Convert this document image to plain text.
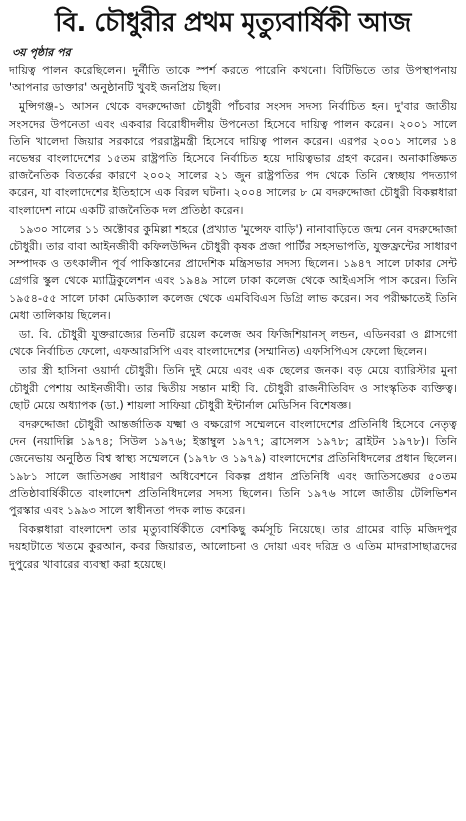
বি. চৌধুরীর প্রথম মৃত্যুবার্ষিকী আজ
৩য় পৃষ্ঠার পর

দায়িত্ব পালন করেছিলেন। দুর্নীতি তাকে স্পর্শ করতে পারেনি কখনো। বিটিভিতে তার উপস্থাপনায় 'আপনার ডাক্তার' অনুষ্ঠানটি খুবই জনপ্রিয় ছিল।

মুন্সিগঞ্জ-১ আসন থেকে বদরুদ্দোজা চৌধুরী পাঁচবার সংসদ সদস্য নির্বাচিত হন। দু'বার জাতীয় সংসদের উপনেতা এবং একবার বিরোধীদলীয় উপনেতা হিসেবে দায়িত্ব পালন করেন। ২০০১ সালে তিনি খালেদা জিয়ার সরকারে পররাষ্ট্রমন্ত্রী হিসেবে দায়িত্ব পালন করেন। এরপর ২০০১ সালের ১৪ নভেম্বর বাংলাদেশের ১৫তম রাষ্ট্রপতি হিসেবে নির্বাচিত হয়ে দায়িত্বভার গ্রহণ করেন। অনাকাঙ্ক্ষিত রাজনৈতিক বিতর্কের কারণে ২০০২ সালের ২১ জুন রাষ্ট্রপতির পদ থেকে তিনি স্বেচ্ছায় পদত্যাগ করেন, যা বাংলাদেশের ইতিহাসে এক বিরল ঘটনা। ২০০৪ সালের ৮ মে বদরুদ্দোজা চৌধুরী বিকল্পধারা বাংলাদেশ নামে একটি রাজনৈতিক দল প্রতিষ্ঠা করেন।

১৯৩০ সালের ১১ অক্টোবর কুমিল্লা শহরে (প্রখ্যাত 'মুন্সেফ বাড়ি') নানাবাড়িতে জন্ম নেন বদরুদ্দোজা চৌধুরী। তার বাবা আইনজীবী কফিলউদ্দিন চৌধুরী কৃষক প্রজা পার্টির সহসভাপতি, যুক্তফ্রন্টের সাধারণ সম্পাদক ও তৎকালীন পূর্ব পাকিস্তানের প্রাদেশিক মন্ত্রিসভার সদস্য ছিলেন। ১৯৪৭ সালে ঢাকার সেন্ট গ্রেগরি স্কুল থেকে ম্যাট্রিকুলেশন এবং ১৯৪৯ সালে ঢাকা কলেজ থেকে আইএসসি পাস করেন। তিনি ১৯৫৪-৫৫ সালে ঢাকা মেডিক্যাল কলেজ থেকে এমবিবিএস ডিগ্রি লাভ করেন। সব পরীক্ষাতেই তিনি মেধা তালিকায় ছিলেন।

ডা. বি. চৌধুরী যুক্তরাজ্যের তিনটি রয়েল কলেজ অব ফিজিশিয়ানস্ লন্ডন, এডিনবরা ও গ্লাসগো থেকে নির্বাচিত ফেলো, এফআরসিপি এবং বাংলাদেশের (সম্মানিত) এফসিপিএস ফেলো ছিলেন।

তার স্ত্রী হাসিনা ওয়ার্দা চৌধুরী। তিনি দুই মেয়ে এবং এক ছেলের জনক। বড় মেয়ে ব্যারিস্টার মুনা চৌধুরী পেশায় আইনজীবী। তার দ্বিতীয় সন্তান মাহী বি. চৌধুরী রাজনীতিবিদ ও সাংস্কৃতিক ব্যক্তিত্ব। ছোট মেয়ে অধ্যাপক (ডা.) শায়লা সাফিয়া চৌধুরী ইন্টার্নাল মেডিসিন বিশেষজ্ঞ।

বদরুদ্দোজা চৌধুরী আন্তর্জাতিক যক্ষ্মা ও বক্ষরোগ সম্মেলনে বাংলাদেশের প্রতিনিধি হিসেবে নেতৃত্ব দেন (নয়াদিল্লি ১৯৭৪; সিউল ১৯৭৬; ইস্তাম্বুল ১৯৭৭; ব্রাসেলস ১৯৭৮; ব্রাইটন ১৯৭৮)। তিনি জেনেভায় অনুষ্ঠিত বিশ্ব স্বাস্থ্য সম্মেলনে (১৯৭৮ ও ১৯৭৯) বাংলাদেশের প্রতিনিধিদলের প্রধান ছিলেন। ১৯৮১ সালে জাতিসঙ্ঘ সাধারণ অধিবেশনে বিকল্প প্রধান প্রতিনিধি এবং জাতিসঙ্ঘের ৫০তম প্রতিষ্ঠাবার্ষিকীতে বাংলাদেশ প্রতিনিধিদলের সদস্য ছিলেন। তিনি ১৯৭৬ সালে জাতীয় টেলিভিশন পুরস্কার এবং ১৯৯৩ সালে স্বাধীনতা পদক লাভ করেন।

বিকল্পধারা বাংলাদেশ তার মৃত্যুবার্ষিকীতে বেশকিছু কর্মসূচি নিয়েছে। তার গ্রামের বাড়ি মজিদপুর দয়হাটাতে খতমে কুরআন, কবর জিয়ারত, আলোচনা ও দোয়া এবং দরিদ্র ও এতিম মাদরাসাছাত্রদের দুপুরের খাবারের ব্যবস্থা করা হয়েছে।
